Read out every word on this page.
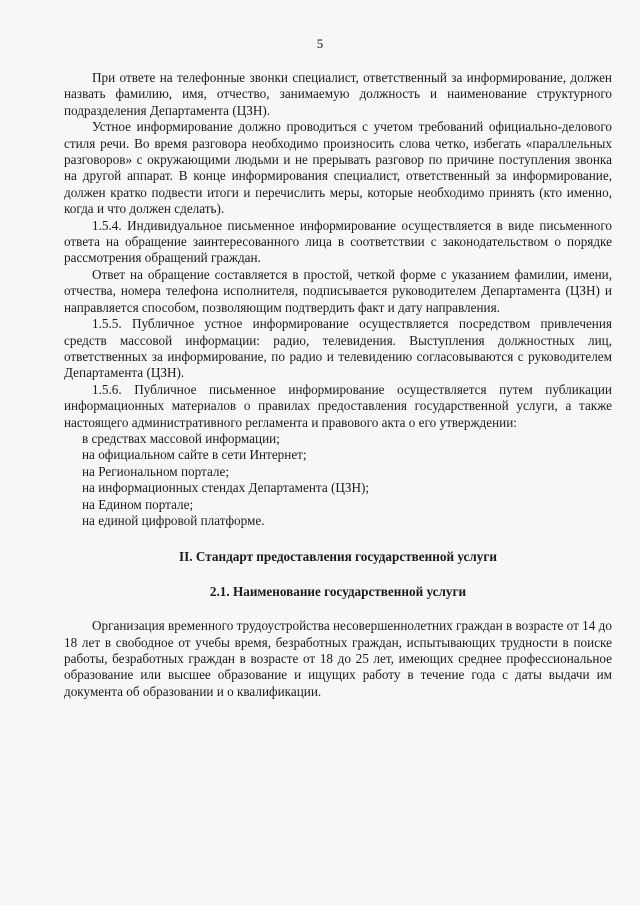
5

При ответе на телефонные звонки специалист, ответственный за информирование, должен назвать фамилию, имя, отчество, занимаемую должность и наименование структурного подразделения Департамента (ЦЗН).

Устное информирование должно проводиться с учетом требований официально-делового стиля речи. Во время разговора необходимо произносить слова четко, избегать «параллельных разговоров» с окружающими людьми и не прерывать разговор по причине поступления звонка на другой аппарат. В конце информирования специалист, ответственный за информирование, должен кратко подвести итоги и перечислить меры, которые необходимо принять (кто именно, когда и что должен сделать).

1.5.4. Индивидуальное письменное информирование осуществляется в виде письменного ответа на обращение заинтересованного лица в соответствии с законодательством о порядке рассмотрения обращений граждан.

Ответ на обращение составляется в простой, четкой форме с указанием фамилии, имени, отчества, номера телефона исполнителя, подписывается руководителем Департамента (ЦЗН) и направляется способом, позволяющим подтвердить факт и дату направления.

1.5.5. Публичное устное информирование осуществляется посредством привлечения средств массовой информации: радио, телевидения. Выступления должностных лиц, ответственных за информирование, по радио и телевидению согласовываются с руководителем Департамента (ЦЗН).

1.5.6. Публичное письменное информирование осуществляется путем публикации информационных материалов о правилах предоставления государственной услуги, а также настоящего административного регламента и правового акта о его утверждении:

в средствах массовой информации;
на официальном сайте в сети Интернет;
на Региональном портале;
на информационных стендах Департамента (ЦЗН);
на Едином портале;
на единой цифровой платформе.
II. Стандарт предоставления государственной услуги
2.1. Наименование государственной услуги

Организация временного трудоустройства несовершеннолетних граждан в возрасте от 14 до 18 лет в свободное от учебы время, безработных граждан, испытывающих трудности в поиске работы, безработных граждан в возрасте от 18 до 25 лет, имеющих среднее профессиональное образование или высшее образование и ищущих работу в течение года с даты выдачи им документа об образовании и о квалификации.
